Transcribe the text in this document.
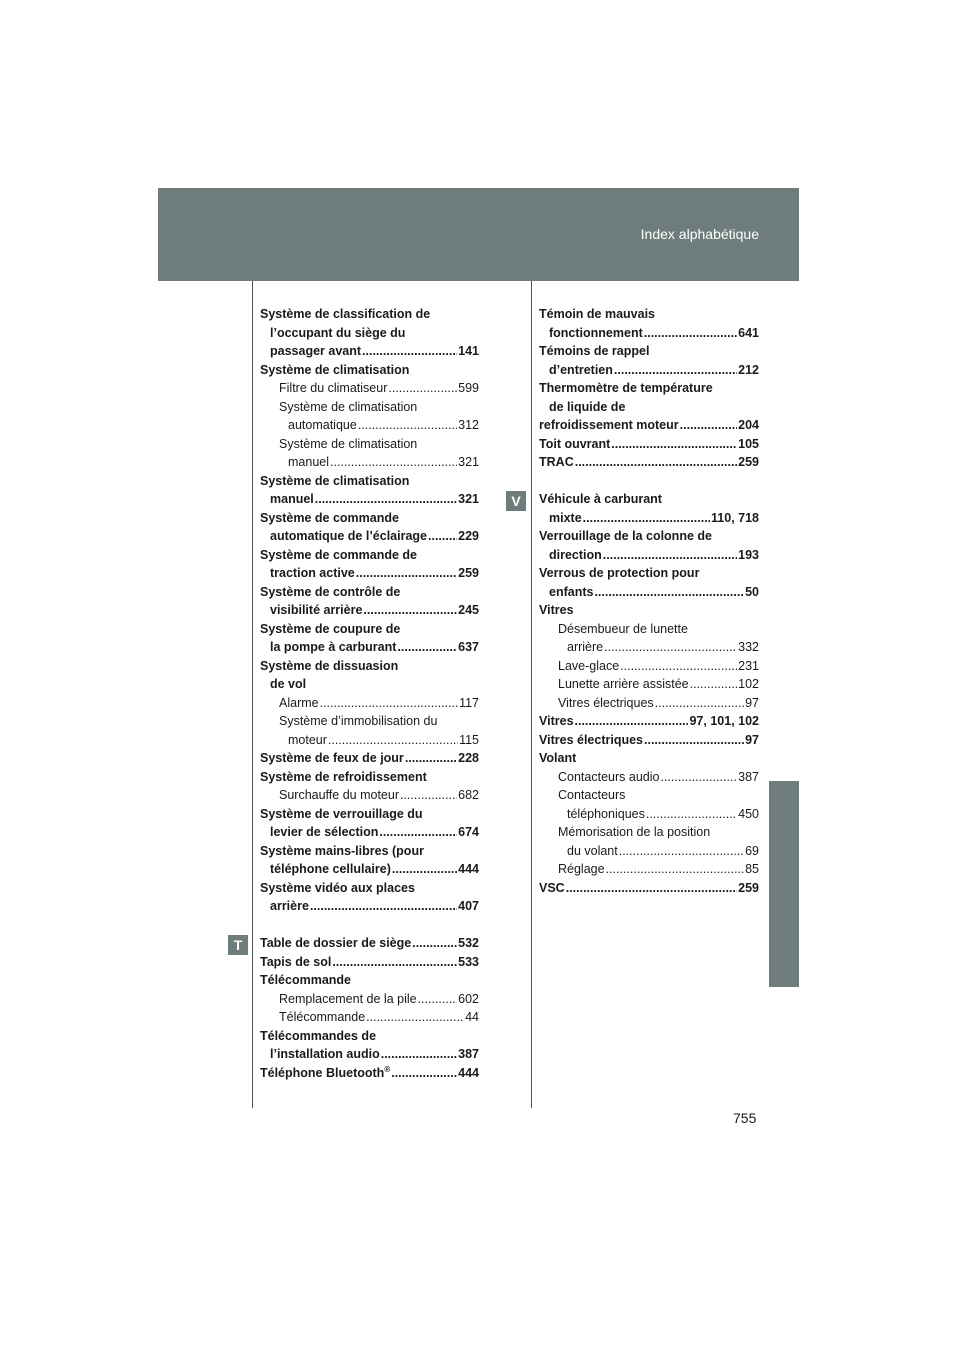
Index alphabétique
V
T
Système de classification de
l’occupant du siège du
passager avant .....	141
Système de climatisation
Filtre du climatiseur .....	599
Système de climatisation
automatique .....	312
Système de climatisation
manuel .....	321
Système de climatisation
manuel .....	321
Système de commande
automatique de l’éclairage ..... 229
Système de commande de
traction active .....	259
Système de contrôle de
visibilité arrière .....	245
Système de coupure de
la pompe à carburant .....	637
Système de dissuasion
de vol
Alarme .....	117
Système d’immobilisation du
moteur .....	115
Système de feux de jour .....	228
Système de refroidissement
Surchauffe du moteur .....	682
Système de verrouillage du
levier de sélection .....	674
Système mains-libres (pour
téléphone cellulaire) .....	444
Système vidéo aux places
arrière .....	407
Table de dossier de siège .....	532
Tapis de sol .....	533
Télécommande
Remplacement de la pile .....	602
Télécommande .....	44
Télécommandes de
l’installation audio .....	387
Téléphone Bluetooth® .....	444
Témoin de mauvais
fonctionnement .....	641
Témoins de rappel
d’entretien .....	212
Thermomètre de température
de liquide de
refroidissement moteur .....	204
Toit ouvrant .....	105
TRAC .....	259
Véhicule à carburant
mixte .....	110, 718
Verrouillage de la colonne de
direction .....	193
Verrous de protection pour
enfants .....	50
Vitres
Désembueur de lunette
arrière .....	332
Lave-glace .....	231
Lunette arrière assistée .....	102
Vitres électriques .....	97
Vitres .....	97, 101, 102
Vitres électriques .....	97
Volant
Contacteurs audio .....	387
Contacteurs
téléphoniques .....	450
Mémorisation de la position
du volant .....	69
Réglage .....	85
VSC .....	259
755
